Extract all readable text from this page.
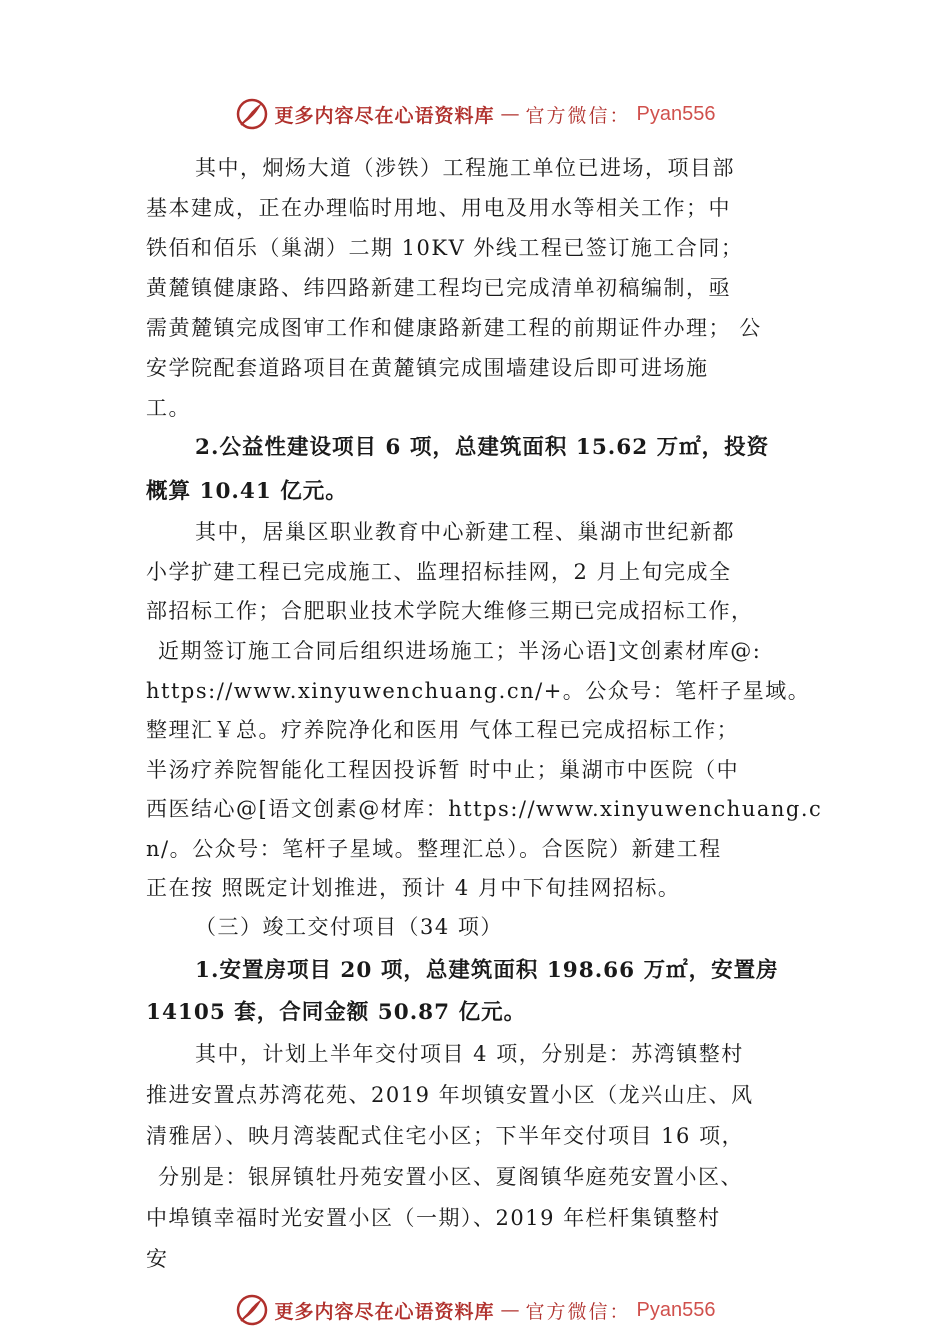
更多内容尽在心语资料库 — 官方微信： Pyan556
其中，炯炀大道（涉铁）工程施工单位已进场，项目部
基本建成，正在办理临时用地、用电及用水等相关工作；中
铁佰和佰乐（巢湖）二期 10KV 外线工程已签订施工合同；
黄麓镇健康路、纬四路新建工程均已完成清单初稿编制，亟
需黄麓镇完成图审工作和健康路新建工程的前期证件办理； 公
安学院配套道路项目在黄麓镇完成围墙建设后即可进场施
工。
2.公益性建设项目 6 项，总建筑面积 15.62 万㎡，投资
概算 10.41 亿元。
其中，居巢区职业教育中心新建工程、巢湖市世纪新都
小学扩建工程已完成施工、监理招标挂网，2 月上旬完成全
部招标工作；合肥职业技术学院大维修三期已完成招标工作，
近期签订施工合同后组织进场施工；半汤心语]文创素材库@:
https://www.xinyuwenchuang.cn/+。公众号：笔杆子星域。
整理汇￥总。疗养院净化和医用 气体工程已完成招标工作；
半汤疗养院智能化工程因投诉暂 时中止；巢湖市中医院（中
西医结心@[语文创素@材库：https://www.xinyuwenchuang.c
n/。公众号：笔杆子星域。整理汇总）。合医院）新建工程
正在按 照既定计划推进，预计 4 月中下旬挂网招标。
（三）竣工交付项目（34 项）
1.安置房项目 20 项，总建筑面积 198.66 万㎡，安置房
14105 套，合同金额 50.87 亿元。
其中，计划上半年交付项目 4 项，分别是：苏湾镇整村
推进安置点苏湾花苑、2019 年坝镇安置小区（龙兴山庄、风
清雅居）、映月湾装配式住宅小区；下半年交付项目 16 项，
分别是：银屏镇牡丹苑安置小区、夏阁镇华庭苑安置小区、
中埠镇幸福时光安置小区（一期）、2019 年栏杆集镇整村
安
更多内容尽在心语资料库 — 官方微信： Pyan556
